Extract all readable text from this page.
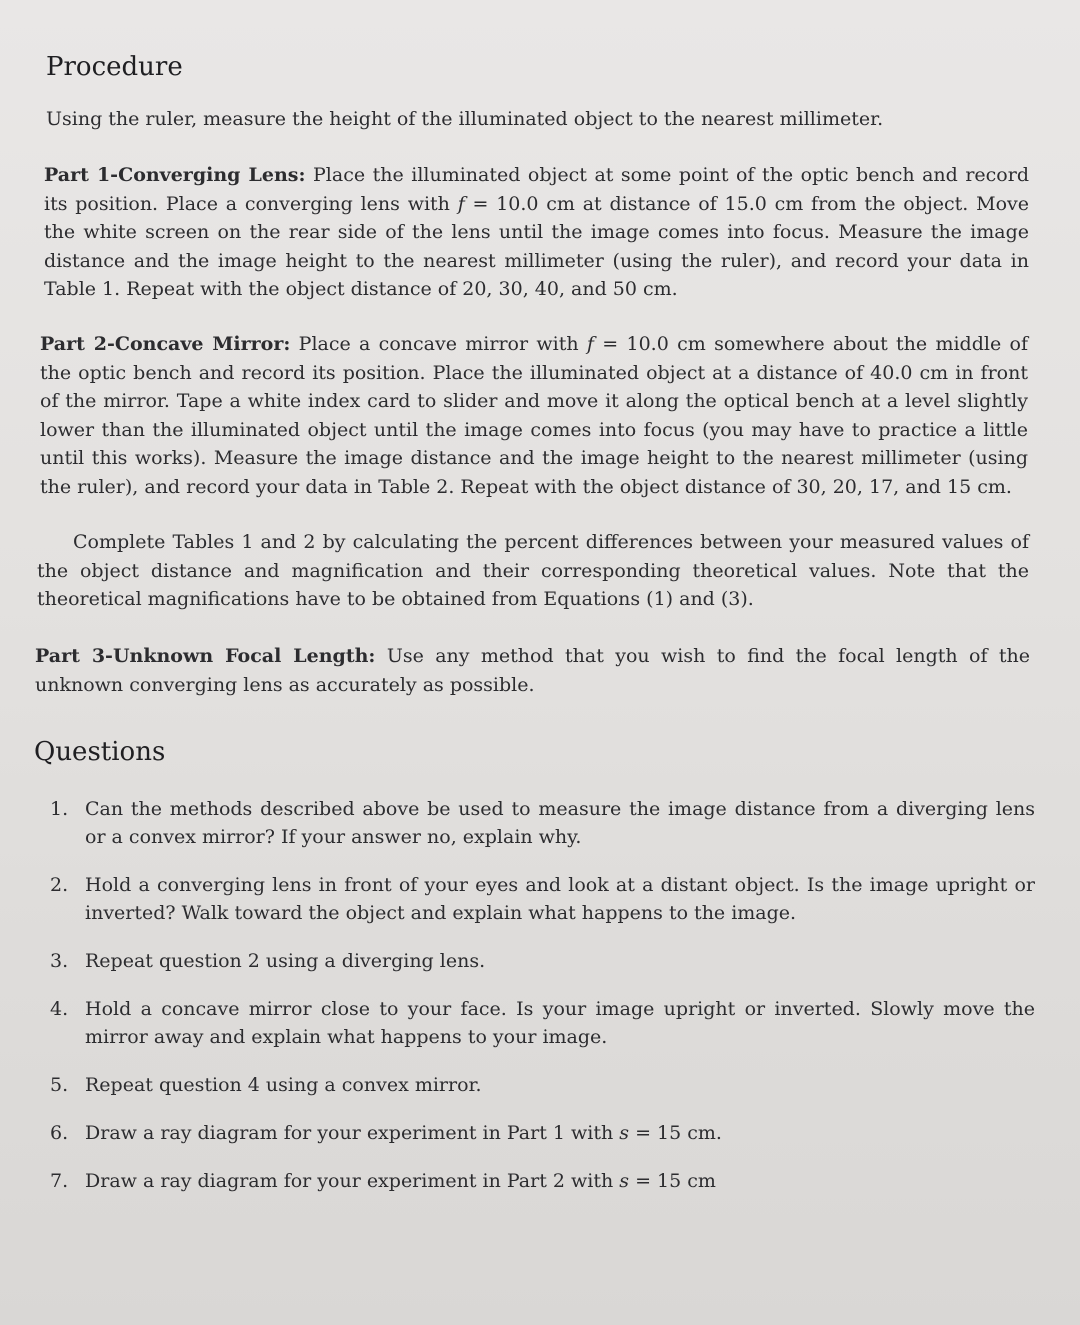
Procedure

Using the ruler, measure the height of the illuminated object to the nearest millimeter.

Part 1-Converging Lens: Place the illuminated object at some point of the optic bench and record its position. Place a converging lens with f = 10.0 cm at distance of 15.0 cm from the object. Move the white screen on the rear side of the lens until the image comes into focus. Measure the image distance and the image height to the nearest millimeter (using the ruler), and record your data in Table 1. Repeat with the object distance of 20, 30, 40, and 50 cm.

Part 2-Concave Mirror: Place a concave mirror with f = 10.0 cm somewhere about the middle of the optic bench and record its position. Place the illuminated object at a distance of 40.0 cm in front of the mirror. Tape a white index card to slider and move it along the optical bench at a level slightly lower than the illuminated object until the image comes into focus (you may have to practice a little until this works). Measure the image distance and the image height to the nearest millimeter (using the ruler), and record your data in Table 2. Repeat with the object distance of 30, 20, 17, and 15 cm.

Complete Tables 1 and 2 by calculating the percent differences between your measured values of the object distance and magnification and their corresponding theoretical values. Note that the theoretical magnifications have to be obtained from Equations (1) and (3).

Part 3-Unknown Focal Length: Use any method that you wish to find the focal length of the unknown converging lens as accurately as possible.

Questions
1. Can the methods described above be used to measure the image distance from a diverging lens or a convex mirror? If your answer no, explain why.
2. Hold a converging lens in front of your eyes and look at a distant object. Is the image upright or inverted? Walk toward the object and explain what happens to the image.
3. Repeat question 2 using a diverging lens.
4. Hold a concave mirror close to your face. Is your image upright or inverted. Slowly move the mirror away and explain what happens to your image.
5. Repeat question 4 using a convex mirror.
6. Draw a ray diagram for your experiment in Part 1 with s = 15 cm.
7. Draw a ray diagram for your experiment in Part 2 with s = 15 cm
